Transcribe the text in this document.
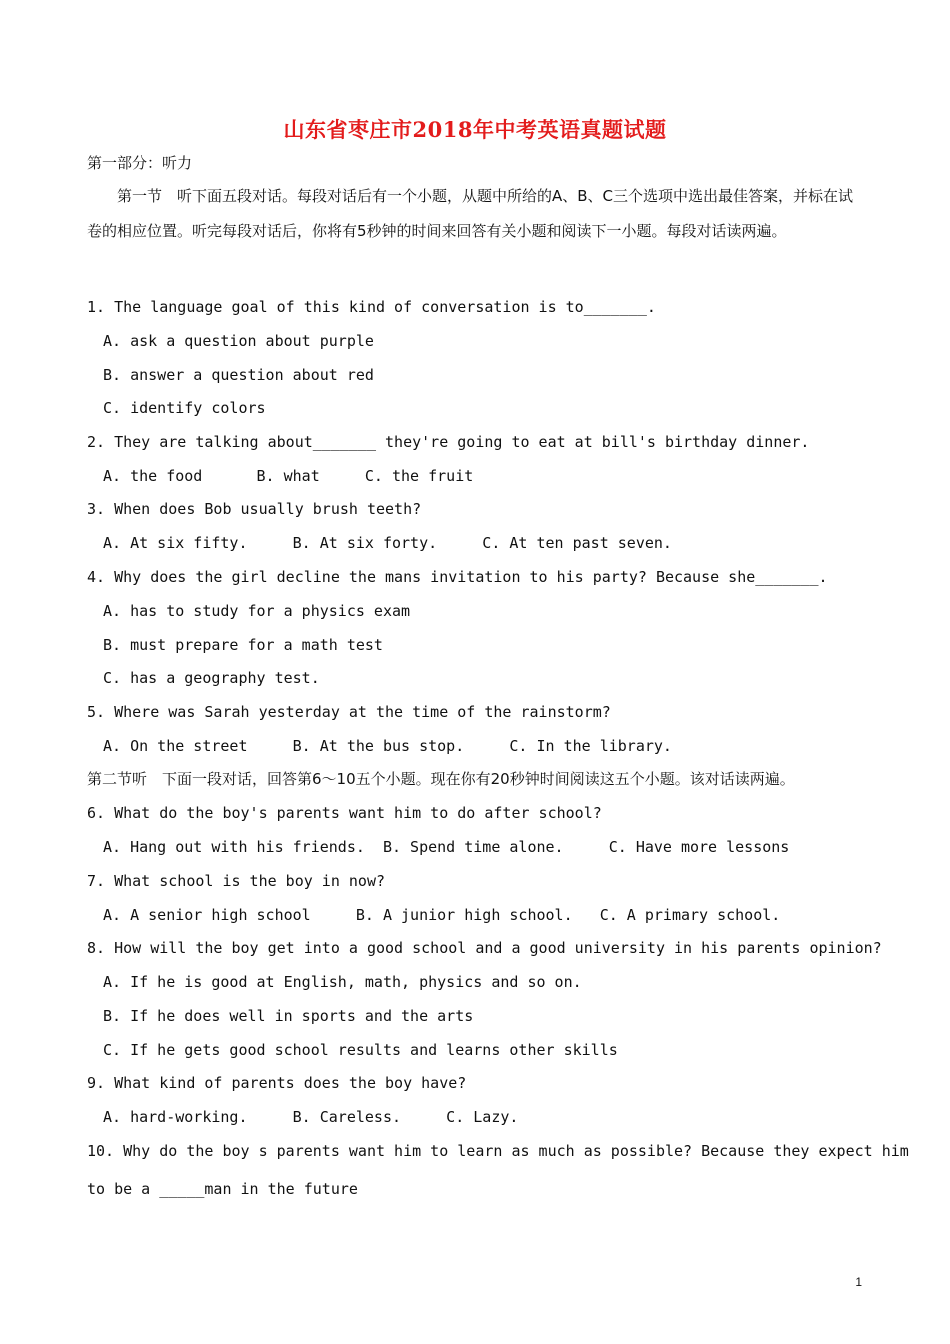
山东省枣庄市2018年中考英语真题试题
第一部分：听力
第一节　听下面五段对话。每段对话后有一个小题，从题中所给的A、B、C三个选项中选出最佳答案，并标在试卷的相应位置。听完每段对话后，你将有5秒钟的时间来回答有关小题和阅读下一小题。每段对话读两遍。
1. The language goal of this kind of conversation is to_______.
A. ask a question about purple
B. answer a question about red
C. identify colors
2. They are talking about_______ they're going to eat at bill's birthday dinner.
A. the food      B. what     C. the fruit
3. When does Bob usually brush teeth?
A. At six fifty.     B. At six forty.     C. At ten past seven.
4. Why does the girl decline the mans invitation to his party? Because she_______.
A. has to study for a physics exam
B. must prepare for a math test
C. has a geography test.
5. Where was Sarah yesterday at the time of the rainstorm?
A. On the street     B. At the bus stop.     C. In the library.
第二节听　下面一段对话，回答第6～10五个小题。现在你有20秒钟时间阅读这五个小题。该对话读两遍。
6. What do the boy's parents want him to do after school?
A. Hang out with his friends.  B. Spend time alone.     C. Have more lessons
7. What school is the boy in now?
A. A senior high school     B. A junior high school.   C. A primary school.
8. How will the boy get into a good school and a good university in his parents opinion?
A. If he is good at English, math, physics and so on.
B. If he does well in sports and the arts
C. If he gets good school results and learns other skills
9. What kind of parents does the boy have?
A. hard-working.     B. Careless.     C. Lazy.
10. Why do the boy s parents want him to learn as much as possible? Because they expect him
to be a _____man in the future
1
